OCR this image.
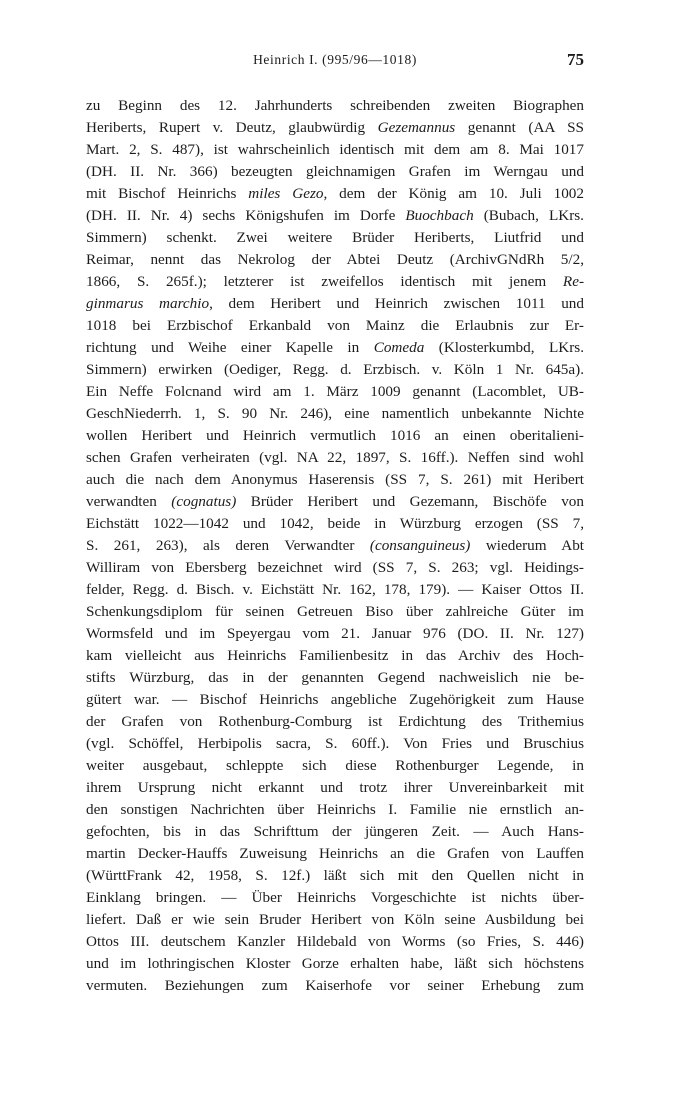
Heinrich I. (995/96—1018)	75
zu Beginn des 12. Jahrhunderts schreibenden zweiten Biographen
Heriberts, Rupert v. Deutz, glaubwürdig Gezemannus genannt (AA SS
Mart. 2, S. 487), ist wahrscheinlich identisch mit dem am 8. Mai 1017
(DH. II. Nr. 366) bezeugten gleichnamigen Grafen im Werngau und
mit Bischof Heinrichs miles Gezo, dem der König am 10. Juli 1002
(DH. II. Nr. 4) sechs Königshufen im Dorfe Buochbach (Bubach, LKrs.
Simmern) schenkt. Zwei weitere Brüder Heriberts, Liutfrid und
Reimar, nennt das Nekrolog der Abtei Deutz (ArchivGNdRh 5/2,
1866, S. 265f.); letzterer ist zweifellos identisch mit jenem Re-
ginmarus marchio, dem Heribert und Heinrich zwischen 1011 und
1018 bei Erzbischof Erkanbald von Mainz die Erlaubnis zur Er-
richtung und Weihe einer Kapelle in Comeda (Klosterkumbd, LKrs.
Simmern) erwirken (Oediger, Regg. d. Erzbisch. v. Köln 1 Nr. 645a).
Ein Neffe Folcnand wird am 1. März 1009 genannt (Lacomblet, UB-
GeschNiederrh. 1, S. 90 Nr. 246), eine namentlich unbekannte Nichte
wollen Heribert und Heinrich vermutlich 1016 an einen oberitalieni-
schen Grafen verheiraten (vgl. NA 22, 1897, S. 16ff.). Neffen sind wohl
auch die nach dem Anonymus Haserensis (SS 7, S. 261) mit Heribert
verwandten (cognatus) Brüder Heribert und Gezemann, Bischöfe von
Eichstätt 1022—1042 und 1042, beide in Würzburg erzogen (SS 7,
S. 261, 263), als deren Verwandter (consanguineus) wiederum Abt
Williram von Ebersberg bezeichnet wird (SS 7, S. 263; vgl. Heidings-
felder, Regg. d. Bisch. v. Eichstätt Nr. 162, 178, 179). — Kaiser Ottos II.
Schenkungsdiplom für seinen Getreuen Biso über zahlreiche Güter im
Wormsfeld und im Speyergau vom 21. Januar 976 (DO. II. Nr. 127)
kam vielleicht aus Heinrichs Familienbesitz in das Archiv des Hoch-
stifts Würzburg, das in der genannten Gegend nachweislich nie be-
gütert war. — Bischof Heinrichs angebliche Zugehörigkeit zum Hause
der Grafen von Rothenburg-Comburg ist Erdichtung des Trithemius
(vgl. Schöffel, Herbipolis sacra, S. 60ff.). Von Fries und Bruschius
weiter ausgebaut, schleppte sich diese Rothenburger Legende, in
ihrem Ursprung nicht erkannt und trotz ihrer Unvereinbarkeit mit
den sonstigen Nachrichten über Heinrichs I. Familie nie ernstlich an-
gefochten, bis in das Schrifttum der jüngeren Zeit. — Auch Hans-
martin Decker-Hauffs Zuweisung Heinrichs an die Grafen von Lauffen
(WürttFrank 42, 1958, S. 12f.) läßt sich mit den Quellen nicht in
Einklang bringen. — Über Heinrichs Vorgeschichte ist nichts über-
liefert. Daß er wie sein Bruder Heribert von Köln seine Ausbildung bei
Ottos III. deutschem Kanzler Hildebald von Worms (so Fries, S. 446)
und im lothringischen Kloster Gorze erhalten habe, läßt sich höchstens
vermuten. Beziehungen zum Kaiserhofe vor seiner Erhebung zum
